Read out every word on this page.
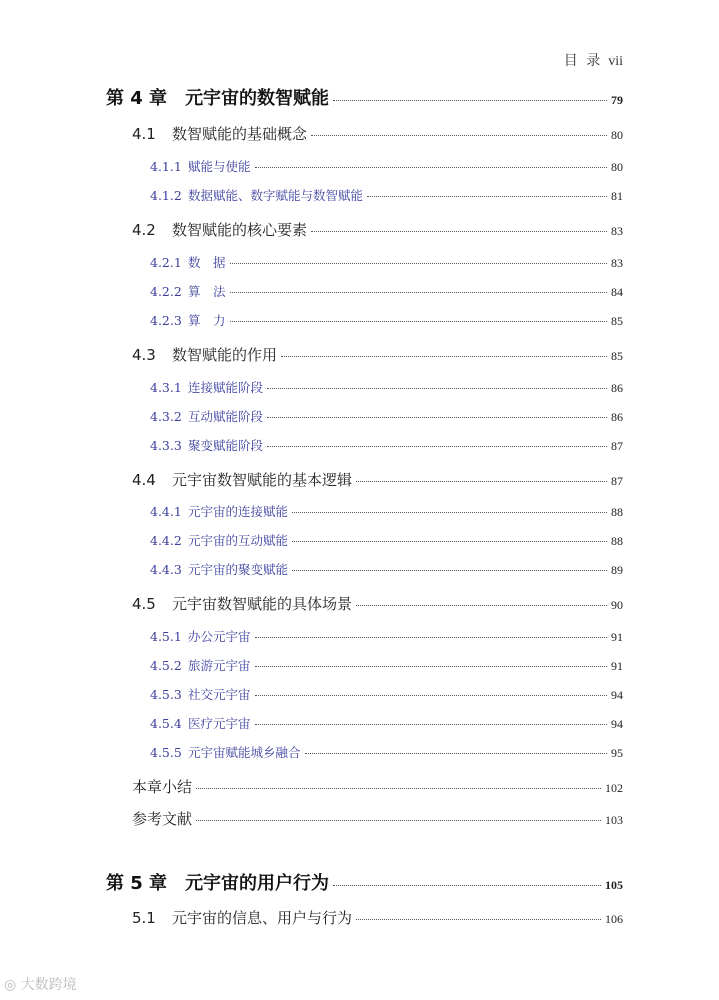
目 录 vii
第 4 章 元宇宙的数智赋能	79
4.1	数智赋能的基础概念	80
4.1.1 赋能与使能	80
4.1.2 数据赋能、数字赋能与数智赋能	81
4.2	数智赋能的核心要素	83
4.2.1 数　据	83
4.2.2 算　法	84
4.2.3 算　力	85
4.3	数智赋能的作用	85
4.3.1 连接赋能阶段	86
4.3.2 互动赋能阶段	86
4.3.3 聚变赋能阶段	87
4.4	元宇宙数智赋能的基本逻辑	87
4.4.1 元宇宙的连接赋能	88
4.4.2 元宇宙的互动赋能	88
4.4.3 元宇宙的聚变赋能	89
4.5	元宇宙数智赋能的具体场景	90
4.5.1 办公元宇宙	91
4.5.2 旅游元宇宙	91
4.5.3 社交元宇宙	94
4.5.4 医疗元宇宙	94
4.5.5 元宇宙赋能城乡融合	95
本章小结	102
参考文献	103
第 5 章 元宇宙的用户行为	105
5.1	元宇宙的信息、用户与行为	106
◎ 大数跨境
